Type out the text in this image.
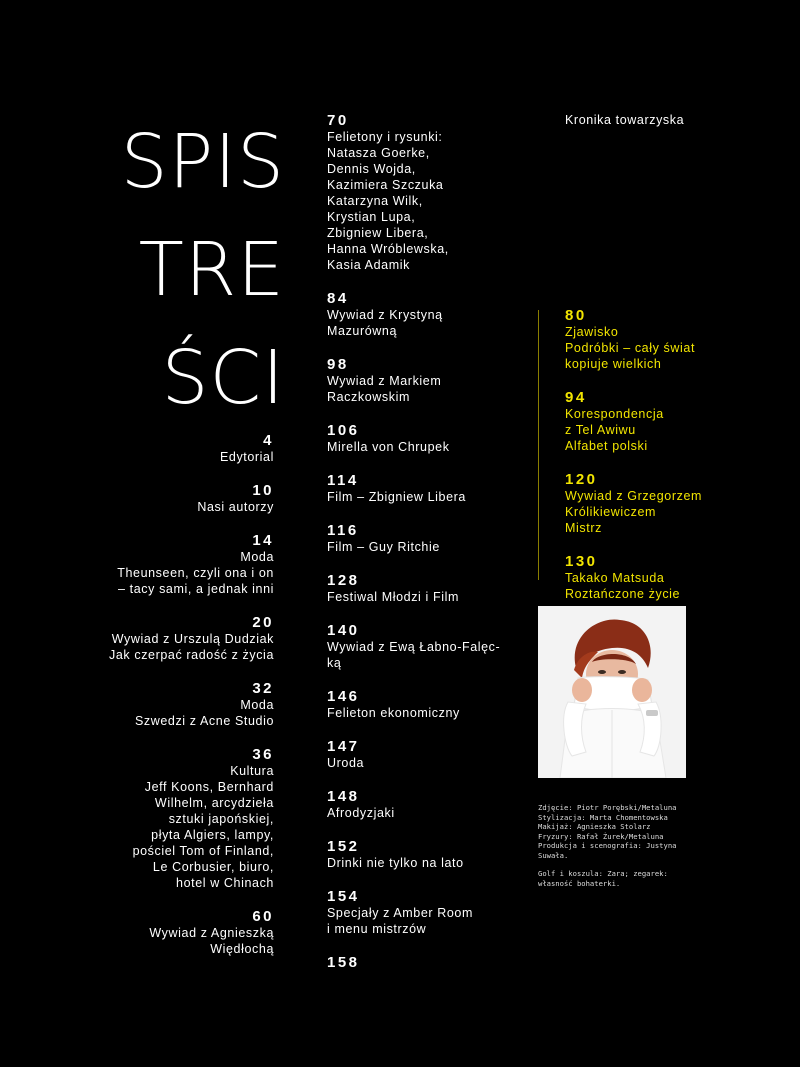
SPIS
TRE
ŚCI
4
Edytorial
10
Nasi autorzy
14
Moda
Theunseen, czyli ona i on
– tacy sami, a jednak inni
20
Wywiad z Urszulą Dudziak
Jak czerpać radość z życia
32
Moda
Szwedzi z Acne Studio
36
Kultura
Jeff Koons, Bernhard
Wilhelm, arcydzieła
sztuki japońskiej,
płyta Algiers, lampy,
pościel Tom of Finland,
Le Corbusier, biuro,
hotel w Chinach
60
Wywiad z Agnieszką
Więdłochą
70
Felietony i rysunki:
Natasza Goerke,
Dennis Wojda,
Kazimiera Szczuka
Katarzyna Wilk,
Krystian Lupa,
Zbigniew Libera,
Hanna Wróblewska,
Kasia Adamik
84
Wywiad z Krystyną
Mazurówną
98
Wywiad z Markiem
Raczkowskim
106
Mirella von Chrupek
114
Film – Zbigniew Libera
116
Film – Guy Ritchie
128
Festiwal Młodzi i Film
140
Wywiad z Ewą Łabno-Falęc-
ką
146
Felieton ekonomiczny
147
Uroda
148
Afrodyzjaki
152
Drinki nie tylko na lato
154
Specjały z Amber Room
i menu mistrzów
158
Kronika towarzyska
80
Zjawisko
Podróbki – cały świat
kopiuje wielkich
94
Korespondencja
z Tel Awiwu
Alfabet polski
120
Wywiad z Grzegorzem
Królikiewiczem
Mistrz
130
Takako Matsuda
Roztańczone życie
Zdjęcie: Piotr Porębski/Metaluna
Stylizacja: Marta Chomentowska
Makijaż: Agnieszka Stolarz
Fryzury: Rafał Żurek/Metaluna
Produkcja i scenografia: Justyna
Suwała.
Golf i koszula: Zara; zegarek:
własność bohaterki.
